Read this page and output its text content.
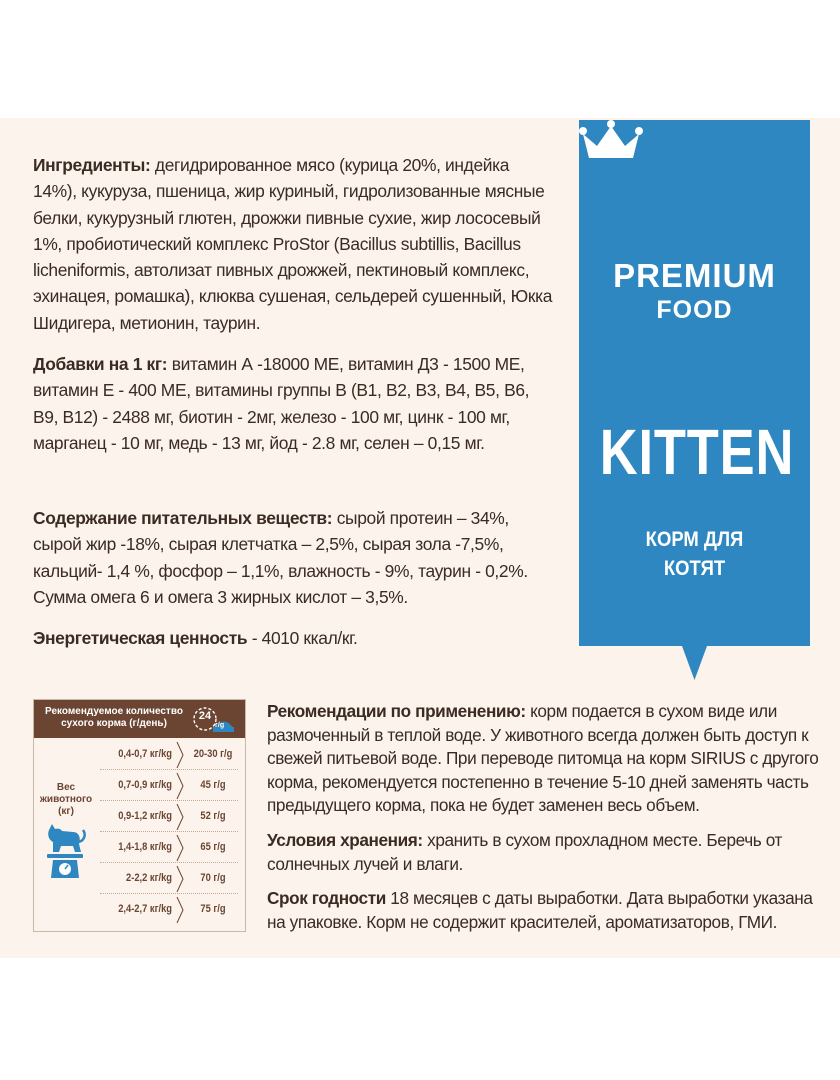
Ингредиенты: дегидрированное мясо (курица 20%, индейка 14%), кукуруза, пшеница, жир куриный, гидролизованные мясные белки, кукурузный глютен, дрожжи пивные сухие, жир лососевый 1%, пробиотический комплекс ProStor (Bacillus subtillis, Bacillus licheniformis, автолизат пивных дрожжей, пектиновый комплекс, эхинацея, ромашка), клюква сушеная, сельдерей сушенный, Юкка Шидигера, метионин, таурин.

Добавки на 1 кг: витамин А -18000 МЕ, витамин Д3 - 1500 МЕ, витамин Е - 400 МЕ, витамины группы В (В1, В2, В3, В4, В5, В6, В9, В12) - 2488 мг, биотин - 2мг, железо - 100 мг, цинк - 100 мг, марганец - 10 мг, медь - 13 мг, йод - 2.8 мг, селен – 0,15 мг.

Содержание питательных веществ: сырой протеин – 34%, сырой жир -18%, сырая клетчатка – 2,5%, сырая зола -7,5%, кальций- 1,4 %, фосфор – 1,1%, влажность - 9%, таурин - 0,2%. Сумма омега 6 и омега 3 жирных кислот – 3,5%.

Энергетическая ценность - 4010 ккал/кг.

PREMIUM
FOOD
KITTEN
КОРМ ДЛЯ
КОТЯТ
Рекомендуемое количество
сухого корма (г/день)
24
г/g
Вес
животного
(кг)
0,4-0,7 кг/kg	20-30 г/g
0,7-0,9 кг/kg	45 г/g
0,9-1,2 кг/kg	52 г/g
1,4-1,8 кг/kg	65 г/g
2-2,2 кг/kg	70 г/g
2,4-2,7 кг/kg	75 г/g

Рекомендации по применению: корм подается в сухом виде или размоченный в теплой воде. У животного всегда должен быть доступ к свежей питьевой воде. При переводе питомца на корм SIRIUS с другого корма, рекомендуется постепенно в течение 5-10 дней заменять часть предыдущего корма, пока не будет заменен весь объем.

Условия хранения: хранить в сухом прохладном месте. Беречь от солнечных лучей и влаги.

Срок годности 18 месяцев с даты выработки. Дата выработки указана на упаковке. Корм не содержит красителей, ароматизаторов, ГМИ.
